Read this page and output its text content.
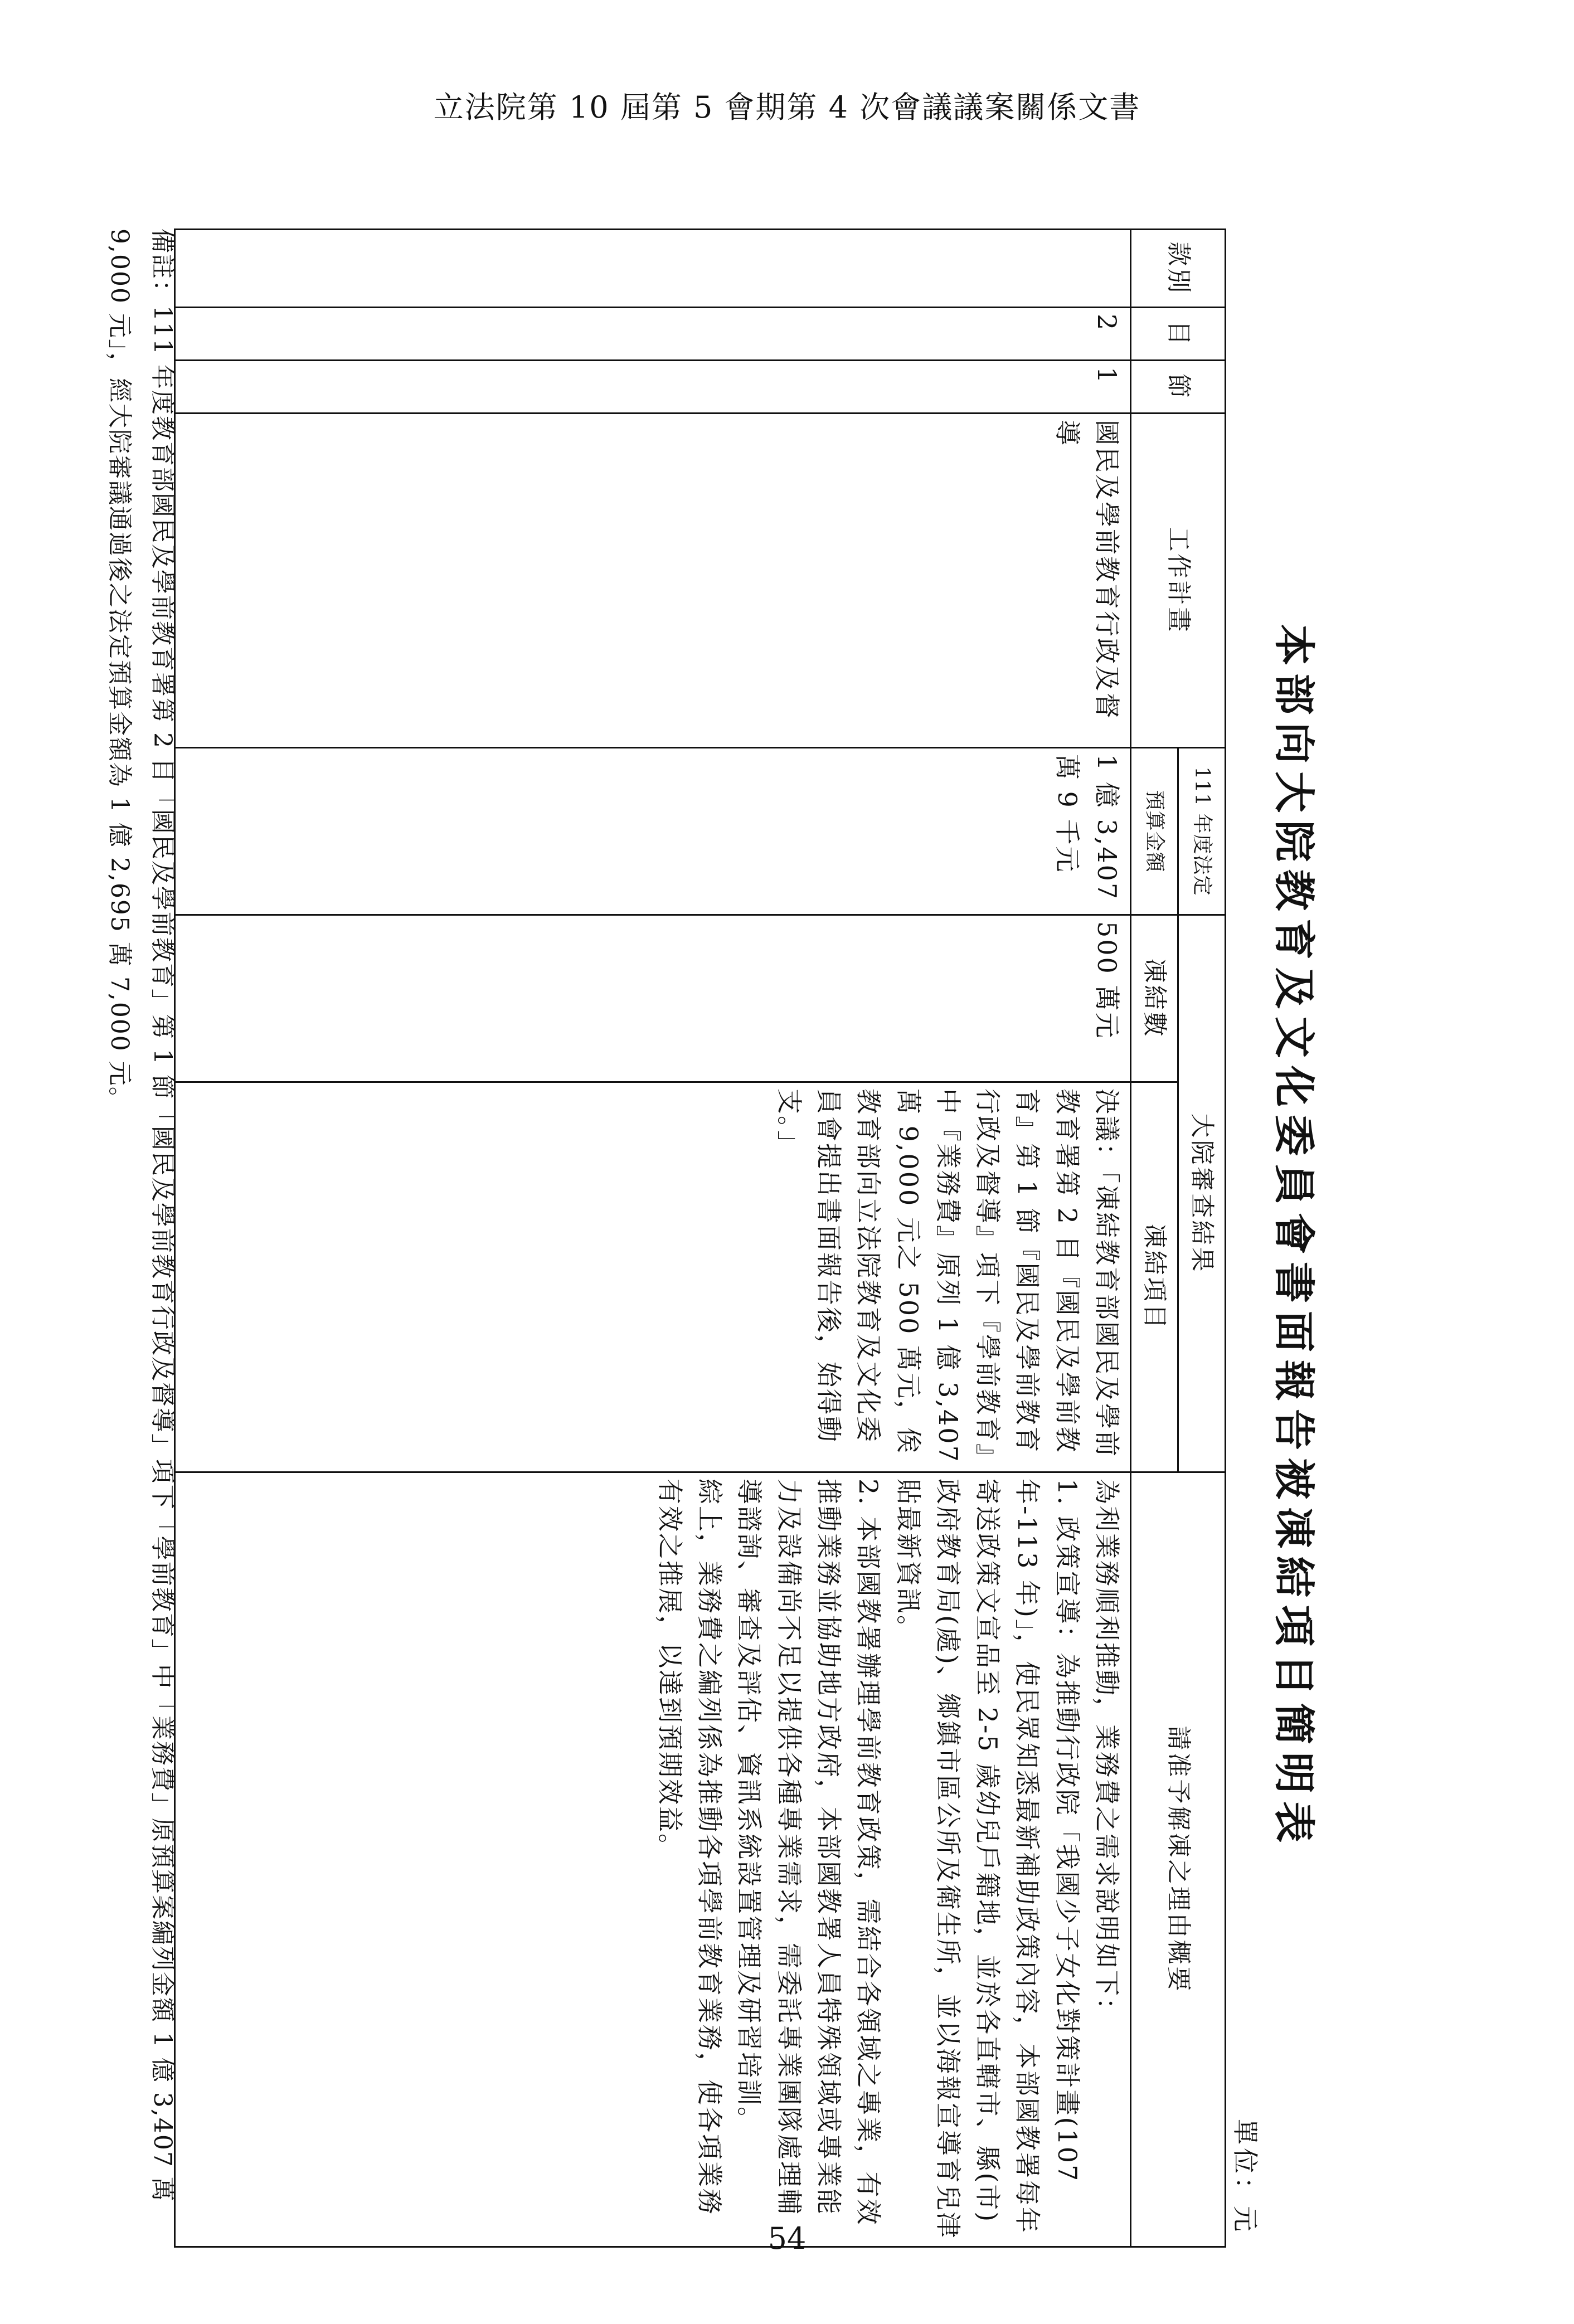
立法院第 10 屆第 5 會期第 4 次會議議案關係文書
本部向大院教育及文化委員會書面報告被凍結項目簡明表
單位：元
款別	目	節	工作計畫	111 年度法定	大院審查結果		請准予解凍之理由概要
				預算金額	凍結數	凍結項目	
	2	1	國民及學前教育行政及督導	1 億 3,407 萬 9 千元	500 萬元	決議：「凍結教育部國民及學前教育署第 2 目『國民及學前教育』第 1 節『國民及學前教育行政及督導』項下『學前教育』中『業務費』原列 1 億 3,407 萬 9,000 元之 500 萬元，俟教育部向立法院教育及文化委員會提出書面報告後，始得動支。」	為利業務順利推動，業務費之需求說明如下：

1. 政策宣導：為推動行政院「我國少子女化對策計畫(107 年-113 年)」，使民眾知悉最新補助政策內容，本部國教署每年寄送政策文宣品至 2-5 歲幼兒戶籍地，並於各直轄市、縣(市)政府教育局(處)、鄉鎮市區公所及衛生所，並以海報宣導育兒津貼最新資訊。

2. 本部國教署辦理學前教育政策，需結合各領域之專業，有效推動業務並協助地方政府，本部國教署人員特殊領域或專業能力及設備尚不足以提供各種專業需求，需委託專業團隊處理輔導諮詢、審查及評估、資訊系統設置管理及研習培訓。

綜上，業務費之編列係為推動各項學前教育業務，使各項業務有效之推展，以達到預期效益。

備註：111 年度教育部國民及學前教育署第 2 目「國民及學前教育」第 1 節「國民及學前教育行政及督導」項下「學前教育」中「業務費」原預算案編列金額 1 億 3,407 萬 9,000 元」，經大院審議通過後之法定預算金額為 1 億 2,695 萬 7,000 元。
54
